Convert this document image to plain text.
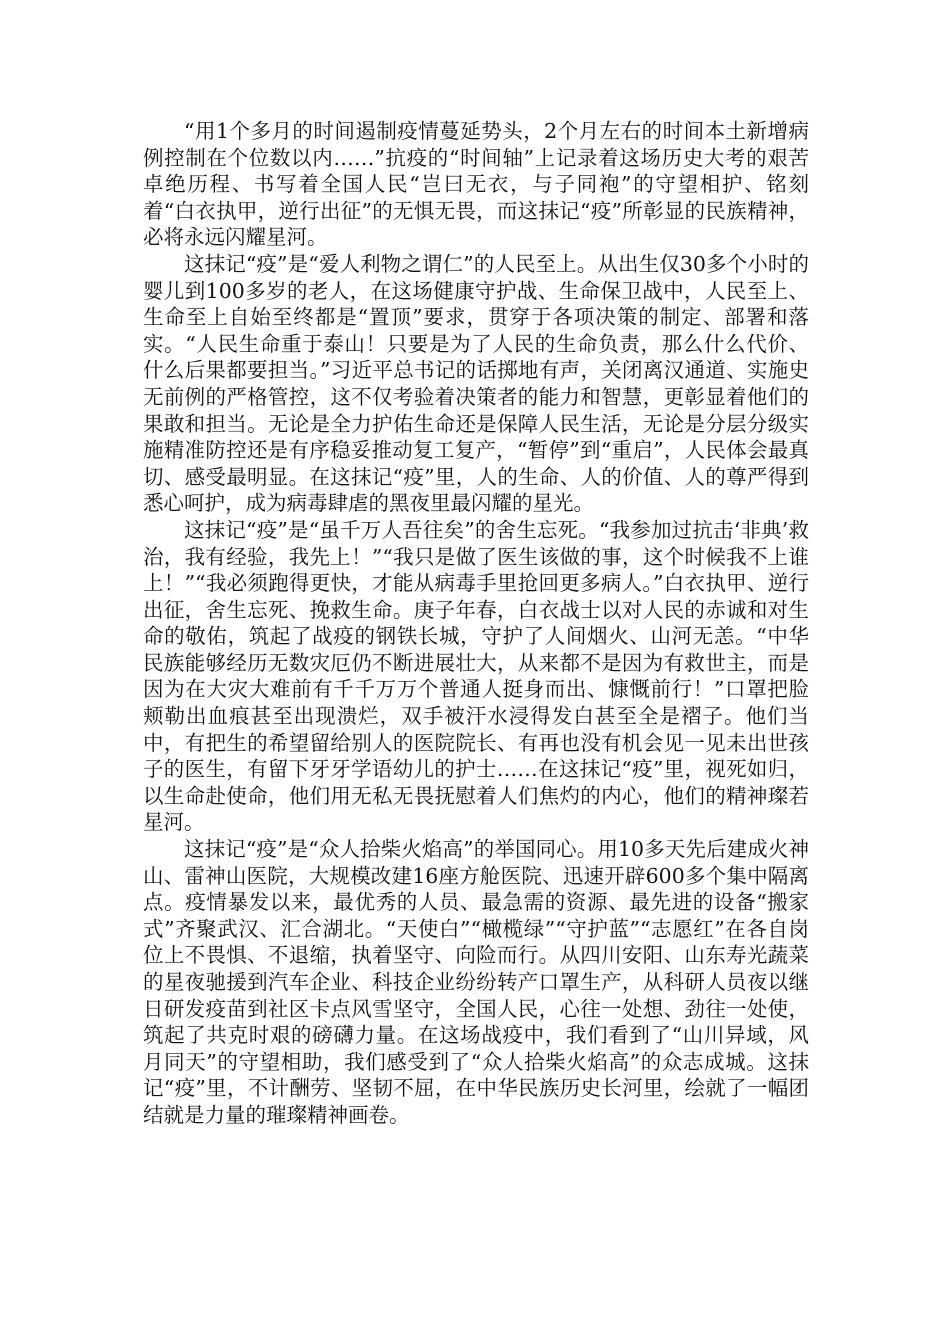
“用1个多月的时间遏制疫情蔓延势头，2个月左右的时间本土新增病例控制在个位数以内……”抗疫的“时间轴”上记录着这场历史大考的艰苦卓绝历程、书写着全国人民“岂曰无衣，与子同袍”的守望相护、铭刻着“白衣执甲，逆行出征”的无惧无畏，而这抹记“疫”所彰显的民族精神，必将永远闪耀星河。

这抹记“疫”是“爱人利物之谓仁”的人民至上。从出生仅30多个小时的婴儿到100多岁的老人，在这场健康守护战、生命保卫战中，人民至上、生命至上自始至终都是“置顶”要求，贯穿于各项决策的制定、部署和落实。“人民生命重于泰山！只要是为了人民的生命负责，那么什么代价、什么后果都要担当。”习近平总书记的话掷地有声，关闭离汉通道、实施史无前例的严格管控，这不仅考验着决策者的能力和智慧，更彰显着他们的果敢和担当。无论是全力护佑生命还是保障人民生活，无论是分层分级实施精准防控还是有序稳妥推动复工复产，“暂停”到“重启”，人民体会最真切、感受最明显。在这抹记“疫”里，人的生命、人的价值、人的尊严得到悉心呵护，成为病毒肆虐的黑夜里最闪耀的星光。

这抹记“疫”是“虽千万人吾往矣”的舍生忘死。“我参加过抗击‘非典’救治，我有经验，我先上！”“我只是做了医生该做的事，这个时候我不上谁上！”“我必须跑得更快，才能从病毒手里抢回更多病人。”白衣执甲、逆行出征，舍生忘死、挽救生命。庚子年春，白衣战士以对人民的赤诚和对生命的敬佑，筑起了战疫的钢铁长城，守护了人间烟火、山河无恙。“中华民族能够经历无数灾厄仍不断进展壮大，从来都不是因为有救世主，而是因为在大灾大难前有千千万万个普通人挺身而出、慷慨前行！”口罩把脸颊勒出血痕甚至出现溃烂，双手被汗水浸得发白甚至全是褶子。他们当中，有把生的希望留给别人的医院院长、有再也没有机会见一见未出世孩子的医生，有留下牙牙学语幼儿的护士……在这抹记“疫”里，视死如归，以生命赴使命，他们用无私无畏抚慰着人们焦灼的内心，他们的精神璨若星河。

这抹记“疫”是“众人拾柴火焰高”的举国同心。用10多天先后建成火神山、雷神山医院，大规模改建16座方舱医院、迅速开辟600多个集中隔离点。疫情暴发以来，最优秀的人员、最急需的资源、最先进的设备“搬家式”齐聚武汉、汇合湖北。“天使白”“橄榄绿”“守护蓝”“志愿红”在各自岗位上不畏惧、不退缩，执着坚守、向险而行。从四川安阳、山东寿光蔬菜的星夜驰援到汽车企业、科技企业纷纷转产口罩生产，从科研人员夜以继日研发疫苗到社区卡点风雪坚守，全国人民，心往一处想、劲往一处使，筑起了共克时艰的磅礴力量。在这场战疫中，我们看到了“山川异域，风月同天”的守望相助，我们感受到了“众人拾柴火焰高”的众志成城。这抹记“疫”里，不计酬劳、坚韧不屈，在中华民族历史长河里，绘就了一幅团结就是力量的璀璨精神画卷。
